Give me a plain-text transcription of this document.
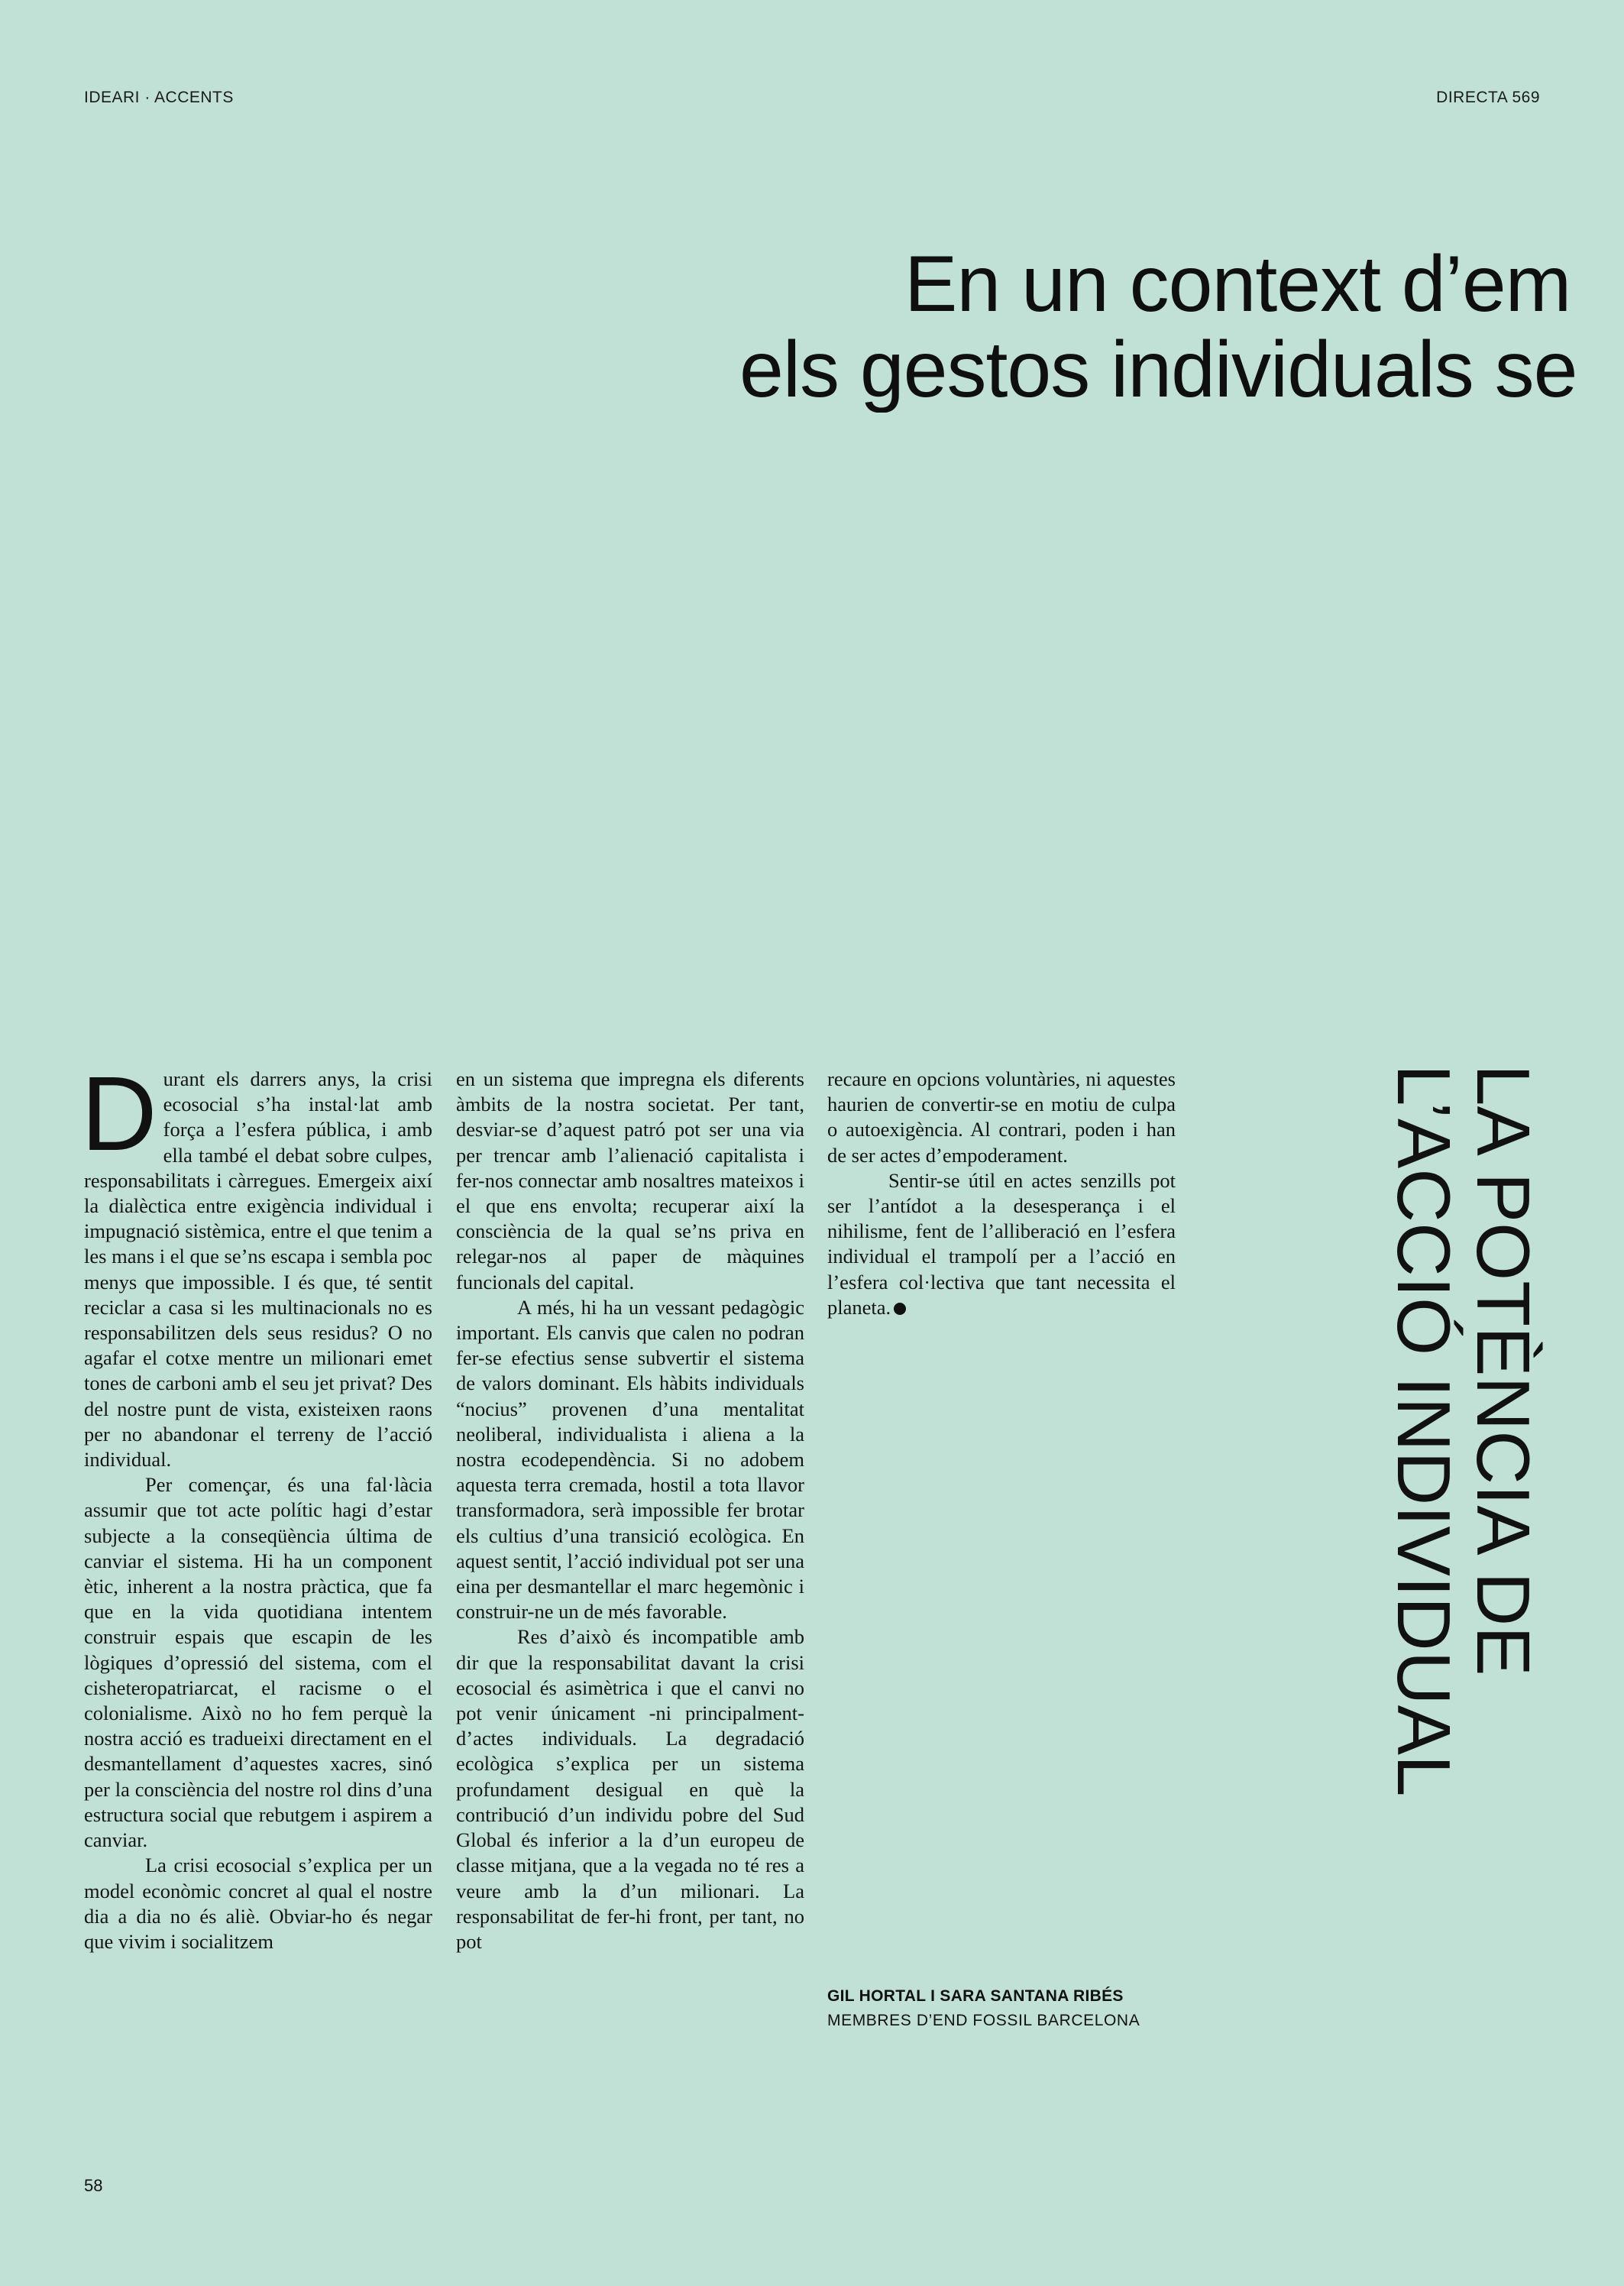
IDEARI · ACCENTS	DIRECTA 569
En un context d’em
els gestos individuals se
LA POTÈNCIA DE
L’ACCIÓ INDIVIDUAL

Durant els darrers anys, la crisi ecosocial s’ha instal·lat amb força a l’esfera pública, i amb ella també el debat sobre culpes, responsabilitats i càrregues. Emergeix així la dialèctica entre exigència individual i impugnació sistèmica, entre el que tenim a les mans i el que se’ns escapa i sembla poc menys que impossible. I és que, té sentit reciclar a casa si les multinacionals no es responsabilitzen dels seus residus? O no agafar el cotxe mentre un milionari emet tones de carboni amb el seu jet privat? Des del nostre punt de vista, existeixen raons per no abandonar el terreny de l’acció individual.

Per començar, és una fal·làcia assumir que tot acte polític hagi d’estar subjecte a la conseqüència última de canviar el sistema. Hi ha un component ètic, inherent a la nostra pràctica, que fa que en la vida quotidiana intentem construir espais que escapin de les lògiques d’opressió del sistema, com el cisheteropatriarcat, el racisme o el colonialisme. Això no ho fem perquè la nostra acció es tradueixi directament en el desmantellament d’aquestes xacres, sinó per la consciència del nostre rol dins d’una estructura social que rebutgem i aspirem a canviar.

La crisi ecosocial s’explica per un model econòmic concret al qual el nostre dia a dia no és aliè. Obviar-ho és negar que vivim i socialitzem

en un sistema que impregna els diferents àmbits de la nostra societat. Per tant, desviar-se d’aquest patró pot ser una via per trencar amb l’alienació capitalista i fer-nos connectar amb nosaltres mateixos i el que ens envolta; recuperar així la consciència de la qual se’ns priva en relegar-nos al paper de màquines funcionals del capital.

A més, hi ha un vessant pedagògic important. Els canvis que calen no podran fer-se efectius sense subvertir el sistema de valors dominant. Els hàbits individuals “nocius” provenen d’una mentalitat neoliberal, individualista i aliena a la nostra ecodependència. Si no adobem aquesta terra cremada, hostil a tota llavor transformadora, serà impossible fer brotar els cultius d’una transició ecològica. En aquest sentit, l’acció individual pot ser una eina per desmantellar el marc hegemònic i construir-ne un de més favorable.

Res d’això és incompatible amb dir que la responsabilitat davant la crisi ecosocial és asimètrica i que el canvi no pot venir únicament -ni principalment- d’actes individuals. La degradació ecològica s’explica per un sistema profundament desigual en què la contribució d’un individu pobre del Sud Global és inferior a la d’un europeu de classe mitjana, que a la vegada no té res a veure amb la d’un milionari. La responsabilitat de fer-hi front, per tant, no pot

recaure en opcions voluntàries, ni aquestes haurien de convertir-se en motiu de culpa o autoexigència. Al contrari, poden i han de ser actes d’empoderament.

Sentir-se útil en actes senzills pot ser l’antídot a la desesperança i el nihilisme, fent de l’alliberació en l’esfera individual el trampolí per a l’acció en l’esfera col·lectiva que tant necessita el planeta.

GIL HORTAL I SARA SANTANA RIBÉS
MEMBRES D’END FOSSIL BARCELONA
58
